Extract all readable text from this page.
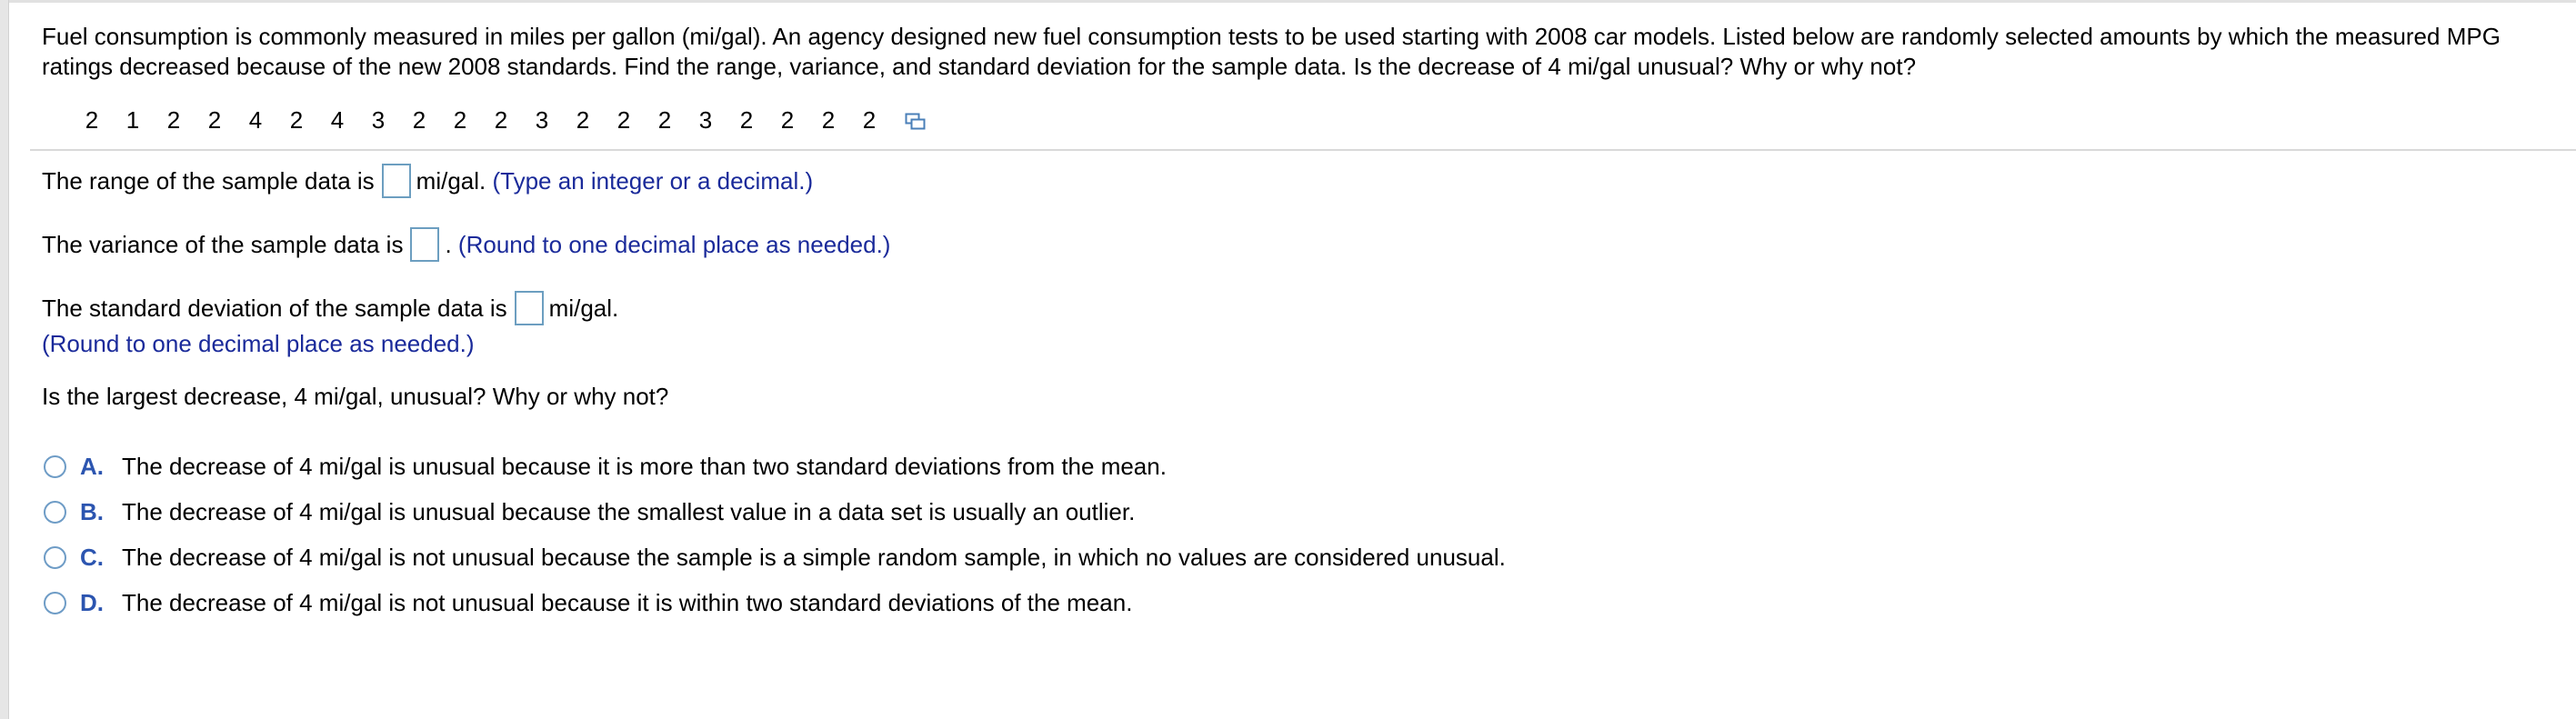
Fuel consumption is commonly measured in miles per gallon (mi/gal). An agency designed new fuel consumption tests to be used starting with 2008 car models. Listed below are randomly selected amounts by which the measured MPG ratings decreased because of the new 2008 standards. Find the range, variance, and standard deviation for the sample data. Is the decrease of 4 mi/gal unusual? Why or why not?
2 1 2 2 4 2 4 3 2 2 2 3 2 2 2 3 2 2 2 2
The range of the sample data is mi/gal. (Type an integer or a decimal.)
The variance of the sample data is . (Round to one decimal place as needed.)
The standard deviation of the sample data is mi/gal.
(Round to one decimal place as needed.)
Is the largest decrease, 4 mi/gal, unusual? Why or why not?
A. The decrease of 4 mi/gal is unusual because it is more than two standard deviations from the mean.
B. The decrease of 4 mi/gal is unusual because the smallest value in a data set is usually an outlier.
C. The decrease of 4 mi/gal is not unusual because the sample is a simple random sample, in which no values are considered unusual.
D. The decrease of 4 mi/gal is not unusual because it is within two standard deviations of the mean.
